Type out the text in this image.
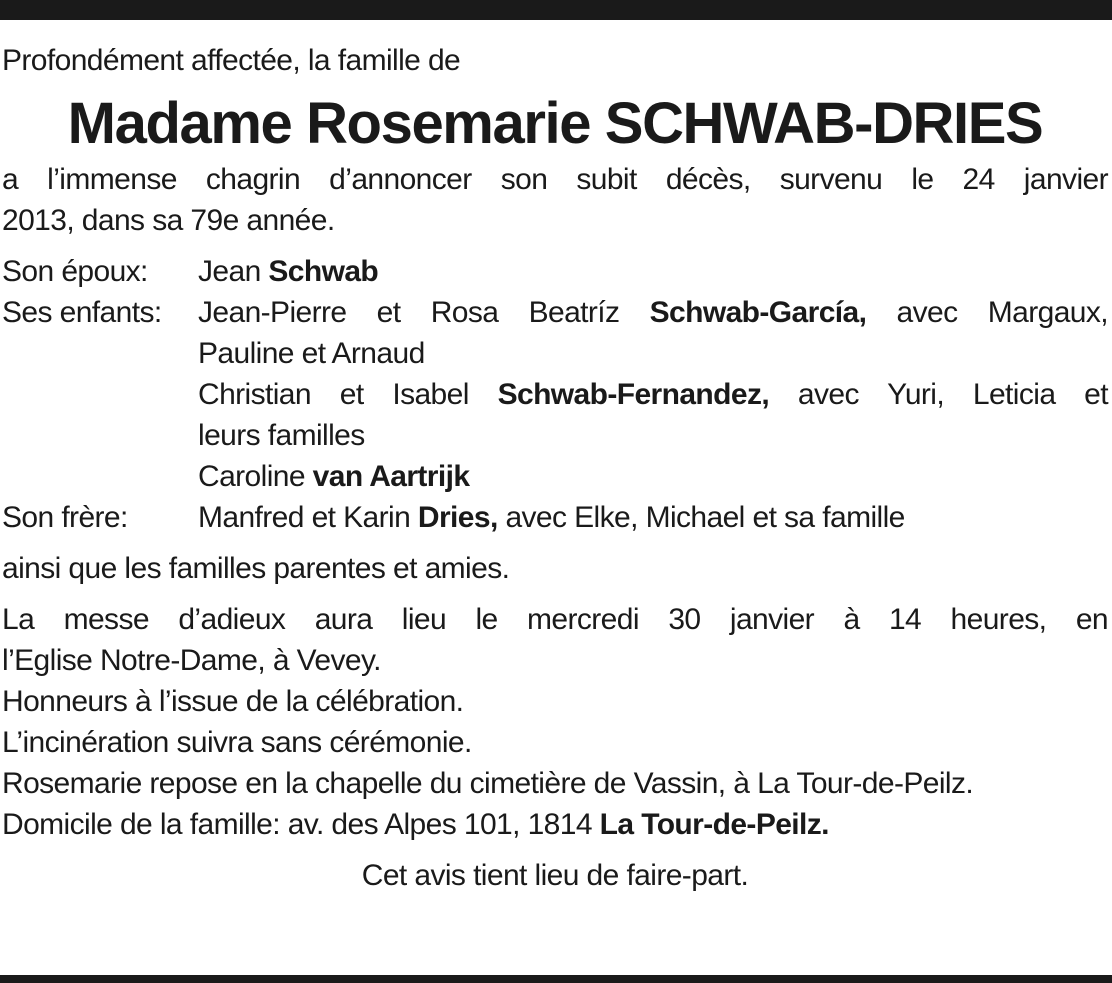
Profondément affectée, la famille de

Madame Rosemarie SCHWAB-DRIES

a l’immense chagrin d’annoncer son subit décès, survenu le 24 janvier
2013, dans sa 79e année.

Son époux:	Jean Schwab
Ses enfants:	Jean-Pierre et Rosa Beatríz Schwab-García, avec Margaux,
Pauline et Arnaud
Christian et Isabel Schwab-Fernandez, avec Yuri, Leticia et
leurs familles
Caroline van Aartrijk
Son frère:	Manfred et Karin Dries, avec Elke, Michael et sa famille

ainsi que les familles parentes et amies.

La messe d’adieux aura lieu le mercredi 30 janvier à 14 heures, en
l’Eglise Notre-Dame, à Vevey.
Honneurs à l’issue de la célébration.
L’incinération suivra sans cérémonie.
Rosemarie repose en la chapelle du cimetière de Vassin, à La Tour-de-Peilz.
Domicile de la famille: av. des Alpes 101, 1814 La Tour-de-Peilz.

Cet avis tient lieu de faire-part.
